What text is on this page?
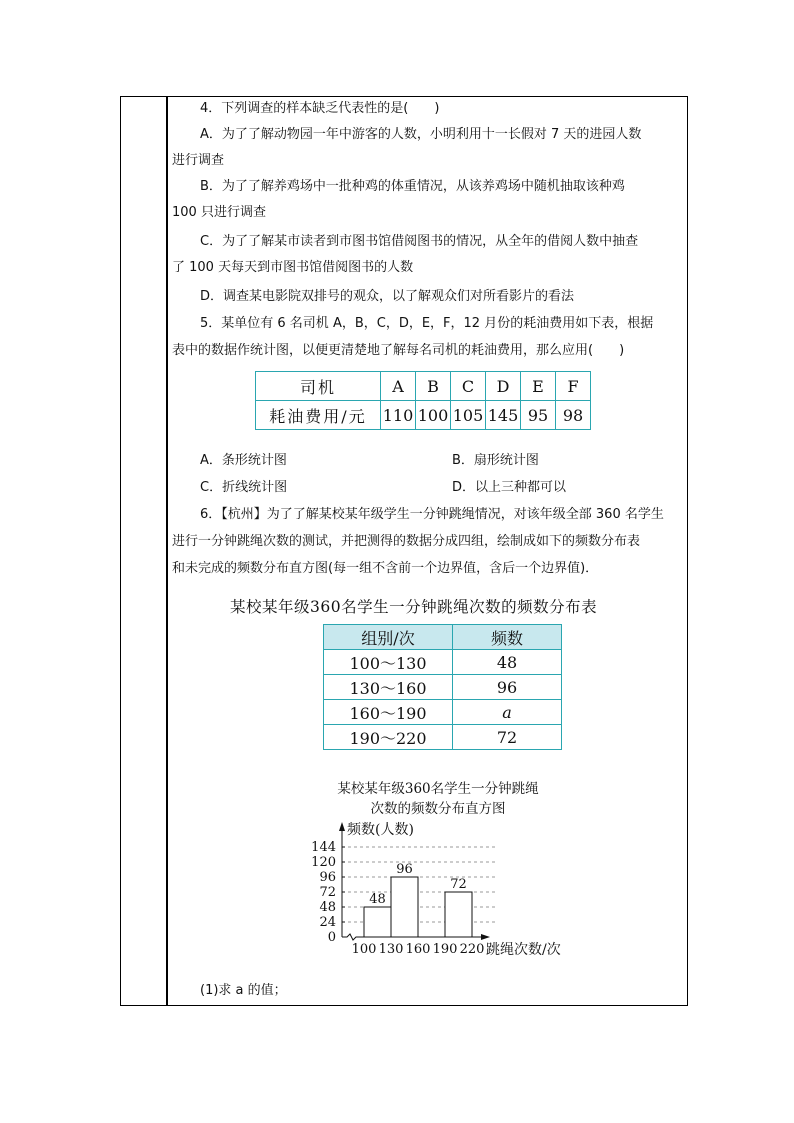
4．下列调查的样本缺乏代表性的是(　　)
A．为了了解动物园一年中游客的人数，小明利用十一长假对 7 天的进园人数
进行调查
B．为了了解养鸡场中一批种鸡的体重情况，从该养鸡场中随机抽取该种鸡
100 只进行调查
C．为了了解某市读者到市图书馆借阅图书的情况，从全年的借阅人数中抽查
了 100 天每天到市图书馆借阅图书的人数
D．调查某电影院双排号的观众，以了解观众们对所看影片的看法
5．某单位有 6 名司机 A，B，C，D，E，F，12 月份的耗油费用如下表，根据
表中的数据作统计图，以便更清楚地了解每名司机的耗油费用，那么应用(　　)
司机	A	B	C	D	E	F
耗油费用/元	110	100	105	145	95	98
A．条形统计图	B．扇形统计图
C．折线统计图	D．以上三种都可以
6．【杭州】为了了解某校某年级学生一分钟跳绳情况，对该年级全部 360 名学生
进行一分钟跳绳次数的测试，并把测得的数据分成四组，绘制成如下的频数分布表
和未完成的频数分布直方图(每一组不含前一个边界值，含后一个边界值)．
某校某年级360名学生一分钟跳绳次数的频数分布表
组别/次	频数
100～130	48
130～160	96
160～190	a
190～220	72
某校某年级360名学生一分钟跳绳
次数的频数分布直方图
0
24
48
72
96
120
144
频数(人数)
跳绳次数/次
100 130 160 190 220
48
96
72
(1)求 a 的值；
